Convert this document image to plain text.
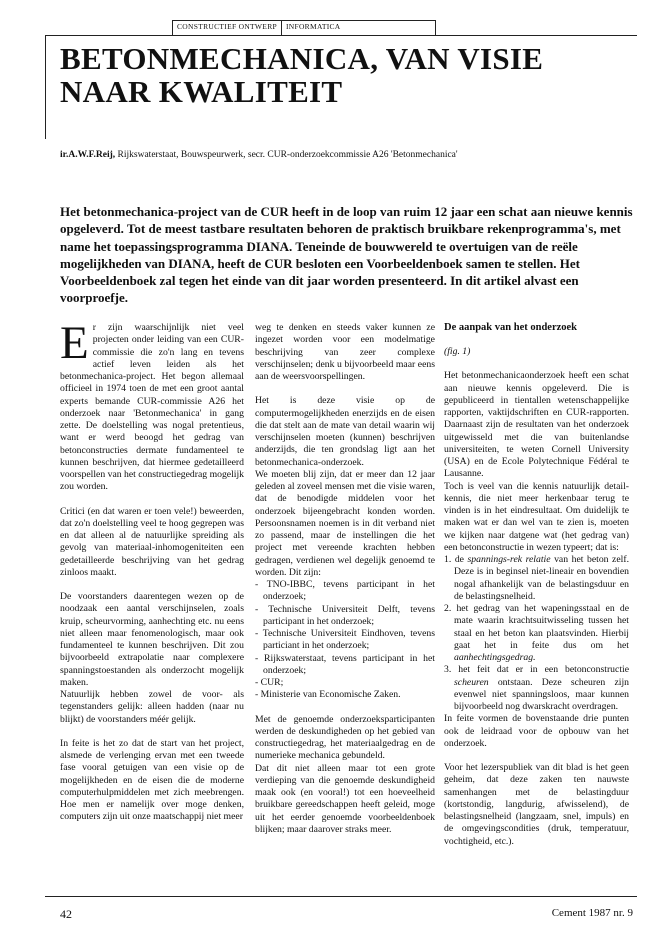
CONSTRUCTIEF ONTWERP	INFORMATICA
BETONMECHANICA, VAN VISIE NAAR KWALITEIT
ir.A.W.F.Reij, Rijkswaterstaat, Bouwspeurwerk, secr. CUR-onderzoekcommissie A26 'Betonmechanica'

Het betonmechanica-project van de CUR heeft in de loop van ruim 12 jaar een schat aan nieuwe kennis opgeleverd. Tot de meest tastbare resultaten behoren de praktisch bruikbare rekenprogramma's, met name het toepassingsprogramma DIANA. Teneinde de bouwwereld te overtuigen van de reële mogelijkheden van DIANA, heeft de CUR besloten een Voorbeeldenboek samen te stellen. Het Voorbeeldenboek zal tegen het einde van dit jaar worden presenteerd. In dit artikel alvast een voorproefje.

Er zijn waarschijnlijk niet veel projecten onder leiding van een CUR-commissie die zo'n lang en tevens actief leven leiden als het betonmechanica-project. Het begon allemaal officieel in 1974 toen de met een groot aantal experts bemande CUR-commissie A26 het onderzoek naar 'Betonmechanica' in gang zette. De doelstelling was nogal pretentieus, want er werd beoogd het gedrag van betonconstructies dermate fundamenteel te kunnen beschrijven, dat hiermee gedetailleerd voorspellen van het constructiegedrag mogelijk zou worden.

Critici (en dat waren er toen vele!) beweerden, dat zo'n doelstelling veel te hoog gegrepen was en dat alleen al de natuurlijke spreiding als gevolg van materiaal-inhomogeniteiten een gedetailleerde beschrijving van het gedrag zinloos maakt.

De voorstanders daarentegen wezen op de noodzaak een aantal verschijnselen, zoals kruip, scheurvorming, aanhechting etc. nu eens niet alleen maar fenomenologisch, maar ook fundamenteel te kunnen beschrijven. Dit zou bijvoorbeeld extrapolatie naar complexere spanningstoestanden als onderzocht mogelijk maken.

Natuurlijk hebben zowel de voor- als tegenstanders gelijk: alleen hadden (naar nu blijkt) de voorstanders méér gelijk.

In feite is het zo dat de start van het project, alsmede de verlenging ervan met een tweede fase vooral getuigen van een visie op de mogelijkheden en de eisen die de moderne computerhulpmiddelen met zich meebrengen. Hoe men er namelijk over moge denken, computers zijn uit onze maatschappij niet meer

weg te denken en steeds vaker kunnen ze ingezet worden voor een modelmatige beschrijving van zeer complexe verschijnselen; denk u bijvoorbeeld maar eens aan de weersvoorspellingen.

Het is deze visie op de computermogelijkheden enerzijds en de eisen die dat stelt aan de mate van detail waarin wij verschijnselen moeten (kunnen) beschrijven anderzijds, die ten grondslag ligt aan het betonmechanica-onderzoek.

We moeten blij zijn, dat er meer dan 12 jaar geleden al zoveel mensen met die visie waren, dat de benodigde middelen voor het onderzoek bijeengebracht konden worden. Persoonsnamen noemen is in dit verband niet zo passend, maar de instellingen die het project met vereende krachten hebben gedragen, verdienen wel degelijk genoemd te worden. Dit zijn:

- TNO-IBBC, tevens participant in het onderzoek;
- Technische Universiteit Delft, tevens participant in het onderzoek;
- Technische Universiteit Eindhoven, tevens particiant in het onderzoek;
- Rijkswaterstaat, tevens participant in het onderzoek;
- CUR;
- Ministerie van Economische Zaken.

Met de genoemde onderzoeksparticipanten werden de deskundigheden op het gebied van constructiegedrag, het materiaalgedrag en de numerieke mechanica gebundeld.

Dat dit niet alleen maar tot een grote verdieping van die genoemde deskundigheid maak ook (en vooral!) tot een hoeveelheid bruikbare gereedschappen heeft geleid, moge uit het eerder genoemde voorbeeldenboek blijken; maar daarover straks meer.

De aanpak van het onderzoek

(fig. 1)

Het betonmechanicaonderzoek heeft een schat aan nieuwe kennis opgeleverd. Die is gepubliceerd in tientallen wetenschappelijke rapporten, vaktijdschriften en CUR-rapporten. Daarnaast zijn de resultaten van het onderzoek uitgewisseld met die van buitenlandse universiteiten, te weten Cornell University (USA) en de Ecole Polytechnique Fédéral te Lausanne.

Toch is veel van die kennis natuurlijk detail-kennis, die niet meer herkenbaar terug te vinden is in het eindresultaat. Om duidelijk te maken wat er dan wel van te zien is, moeten we kijken naar datgene wat (het gedrag van) een betonconstructie in wezen typeert; dat is:

1. de spannings-rek relatie van het beton zelf. Deze is in beginsel niet-lineair en bovendien nogal afhankelijk van de belastingsduur en de belastingsnelheid.
2. het gedrag van het wapeningsstaal en de mate waarin krachtsuitwisseling tussen het staal en het beton kan plaatsvinden. Hierbij gaat het in feite dus om het aanhechtingsgedrag.
3. het feit dat er in een betonconstructie scheuren ontstaan. Deze scheuren zijn evenwel niet spanningsloos, maar kunnen bijvoorbeeld nog dwarskracht overdragen.

In feite vormen de bovenstaande drie punten ook de leidraad voor de opbouw van het onderzoek.

Voor het lezerspubliek van dit blad is het geen geheim, dat deze zaken ten nauwste samenhangen met de belastingduur (kortstondig, langdurig, afwisselend), de belastingsnelheid (langzaam, snel, impuls) en de omgevingscondities (druk, temperatuur, vochtigheid, etc.).

42	Cement 1987 nr. 9
